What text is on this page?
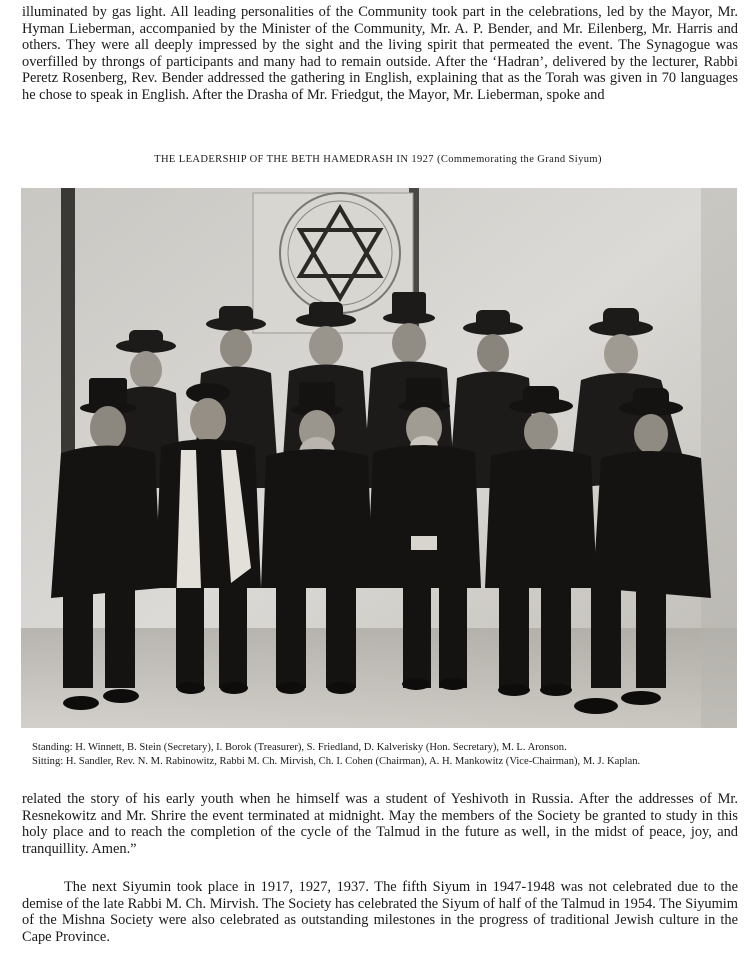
illuminated by gas light. All leading personalities of the Community took part in the celebrations, led by the Mayor, Mr. Hyman Lieberman, accompanied by the Minister of the Community, Mr. A. P. Bender, and Mr. Eilenberg, Mr. Harris and others. They were all deeply impressed by the sight and the living spirit that permeated the event. The Synagogue was overfilled by throngs of participants and many had to remain outside. After the ‘Hadran’, delivered by the lecturer, Rabbi Peretz Rosenberg, Rev. Bender addressed the gathering in English, explaining that as the Torah was given in 70 languages he chose to speak in English. After the Drasha of Mr. Friedgut, the Mayor, Mr. Lieberman, spoke and

THE LEADERSHIP OF THE BETH HAMEDRASH IN 1927 (Commemorating the Grand Siyum)

Standing: H. Winnett, B. Stein (Secretary), I. Borok (Treasurer), S. Friedland, D. Kalverisky (Hon. Secretary), M. L. Aronson.

Sitting: H. Sandler, Rev. N. M. Rabinowitz, Rabbi M. Ch. Mirvish, Ch. I. Cohen (Chairman), A. H. Mankowitz (Vice-Chairman), M. J. Kaplan.

related the story of his early youth when he himself was a student of Yeshivoth in Russia. After the addresses of Mr. Resnekowitz and Mr. Shrire the event terminated at midnight. May the members of the Society be granted to study in this holy place and to reach the completion of the cycle of the Talmud in the future as well, in the midst of peace, joy, and tranquillity. Amen.”

The next Siyumin took place in 1917, 1927, 1937. The fifth Siyum in 1947-1948 was not celebrated due to the demise of the late Rabbi M. Ch. Mirvish. The Society has celebrated the Siyum of half of the Talmud in 1954. The Siyumim of the Mishna Society were also celebrated as outstanding milestones in the progress of traditional Jewish culture in the Cape Province.
